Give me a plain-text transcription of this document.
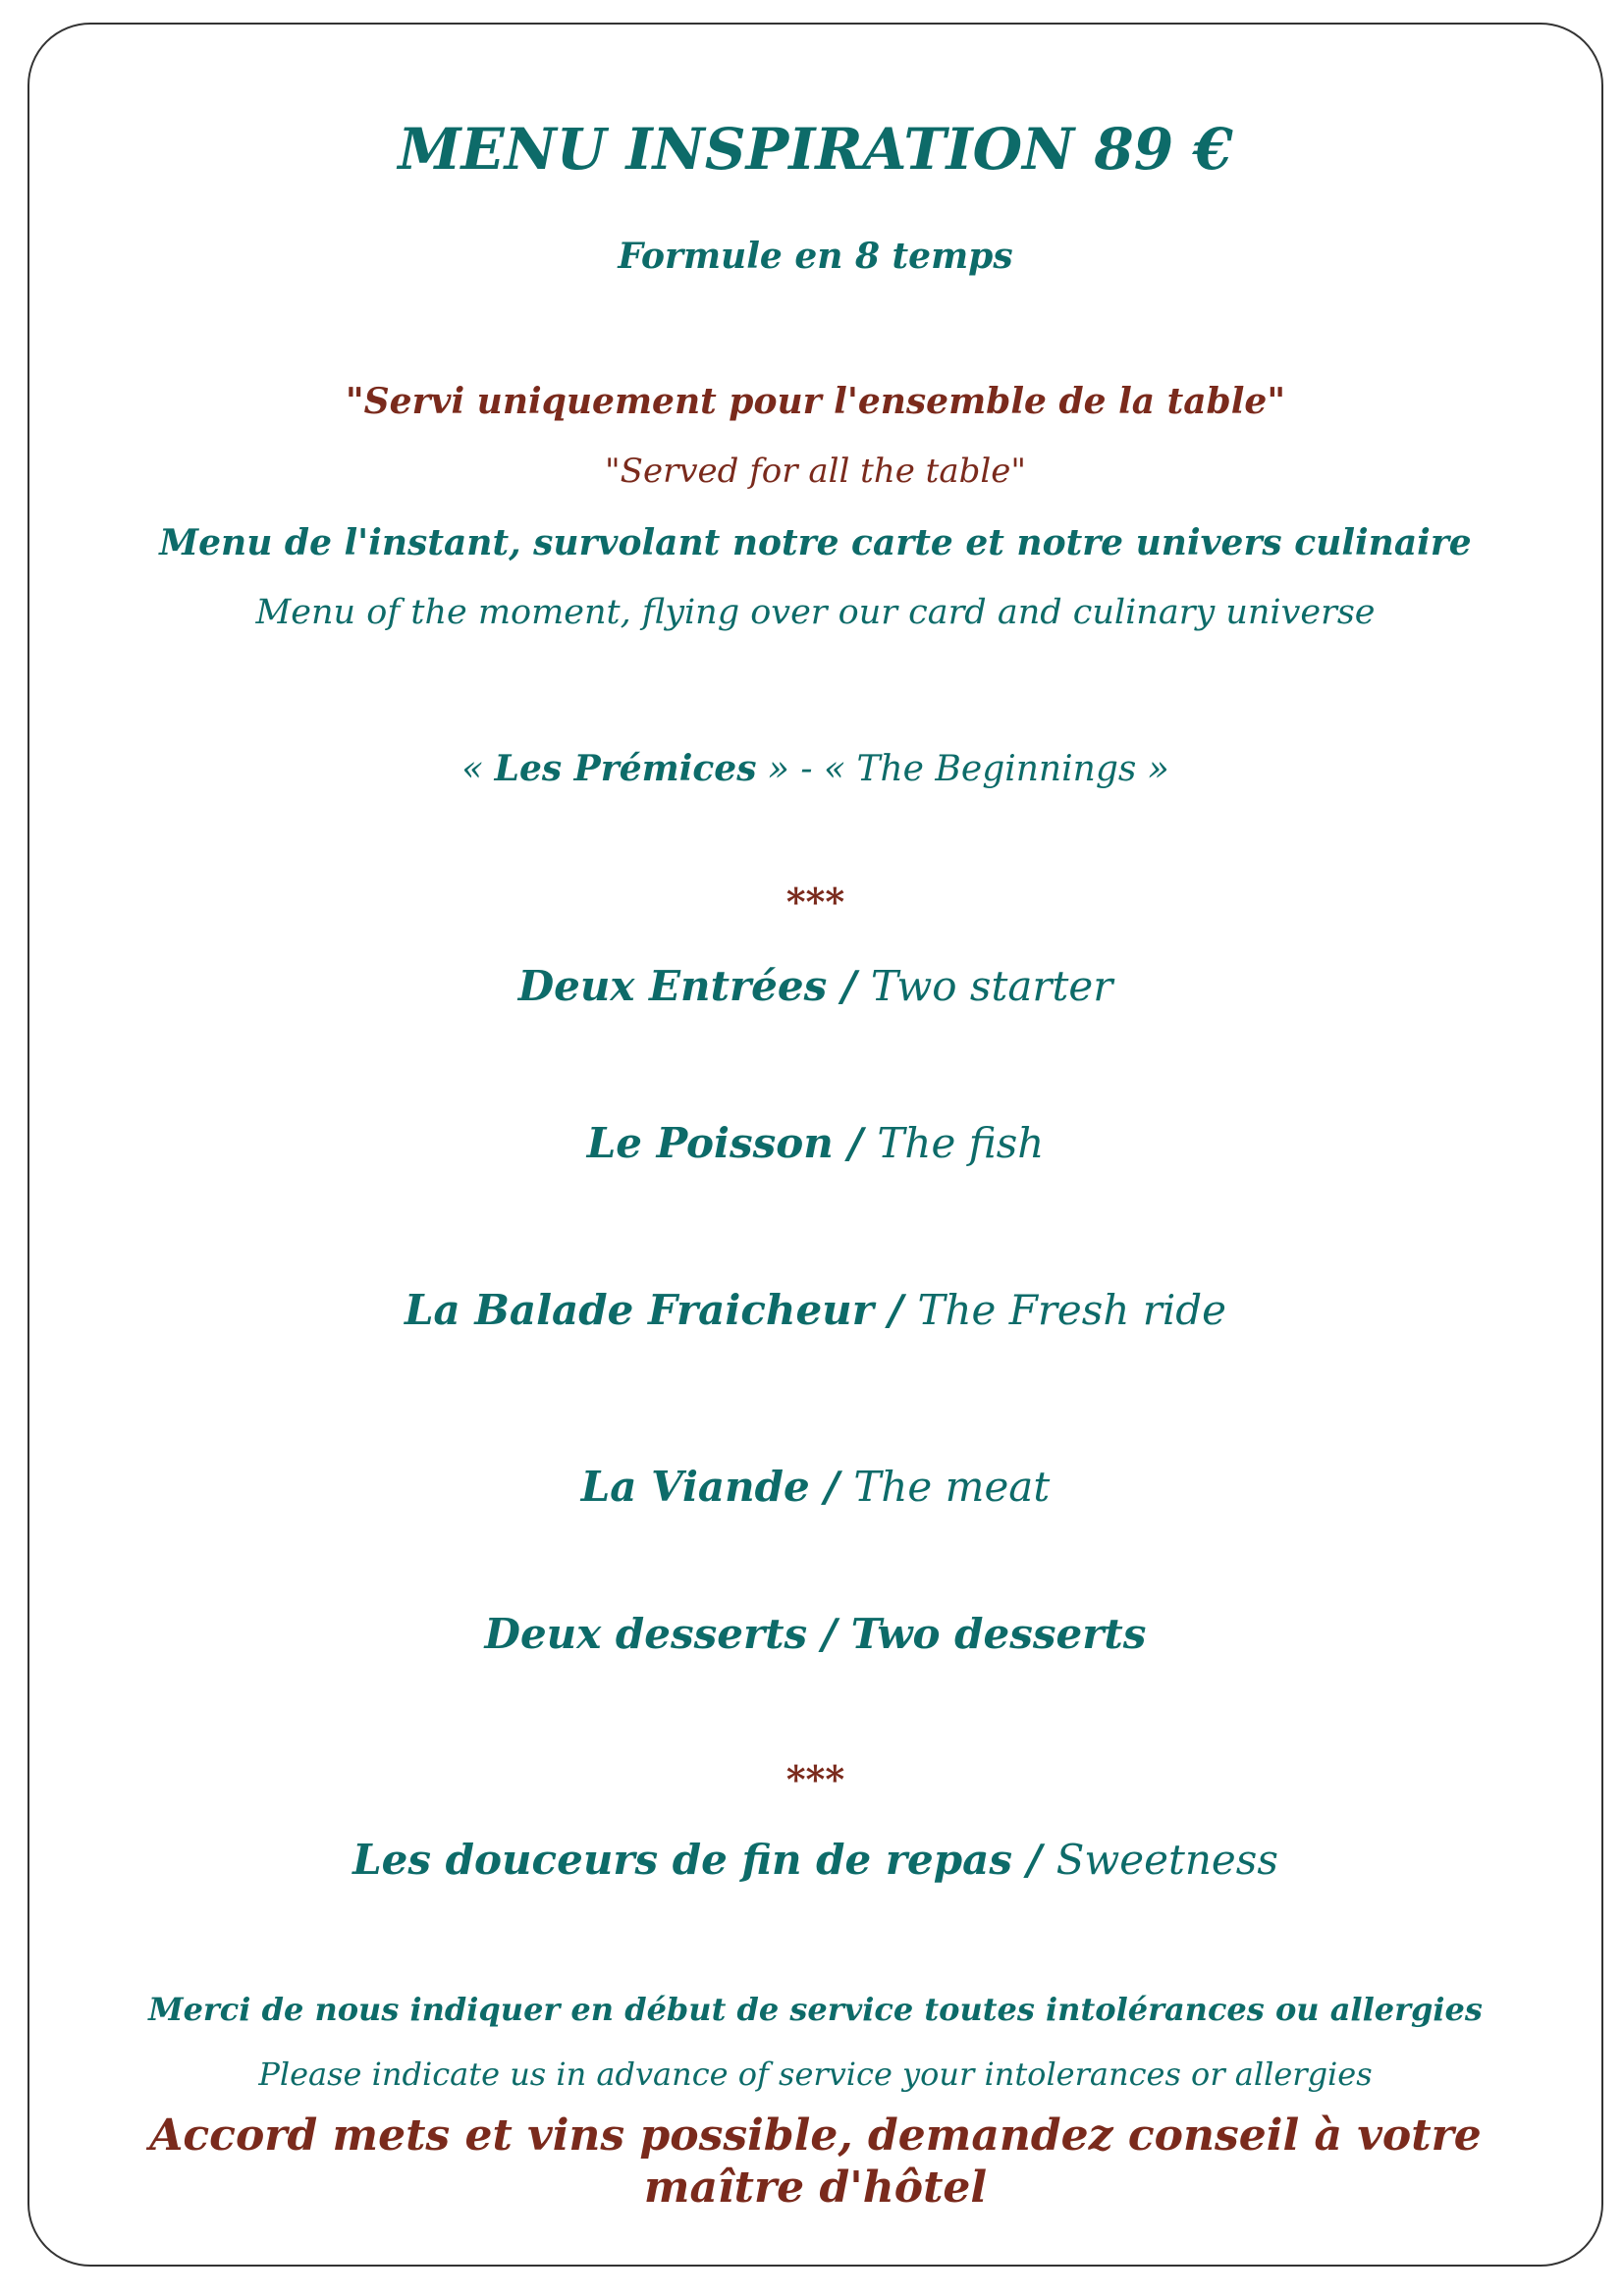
MENU INSPIRATION 89 €
Formule en 8 temps
"Servi uniquement pour l'ensemble de la table"
"Served for all the table"
Menu de l'instant, survolant notre carte et notre univers culinaire
Menu of the moment, flying over our card and culinary universe
« Les Prémices » - « The Beginnings »
***
Deux Entrées / Two starter
Le Poisson / The fish
La Balade Fraicheur / The Fresh ride
La Viande / The meat
Deux desserts / Two desserts
***
Les douceurs de fin de repas / Sweetness
Merci de nous indiquer en début de service toutes intolérances ou allergies
Please indicate us in advance of service your intolerances or allergies
Accord mets et vins possible, demandez conseil à votre maître d'hôtel
